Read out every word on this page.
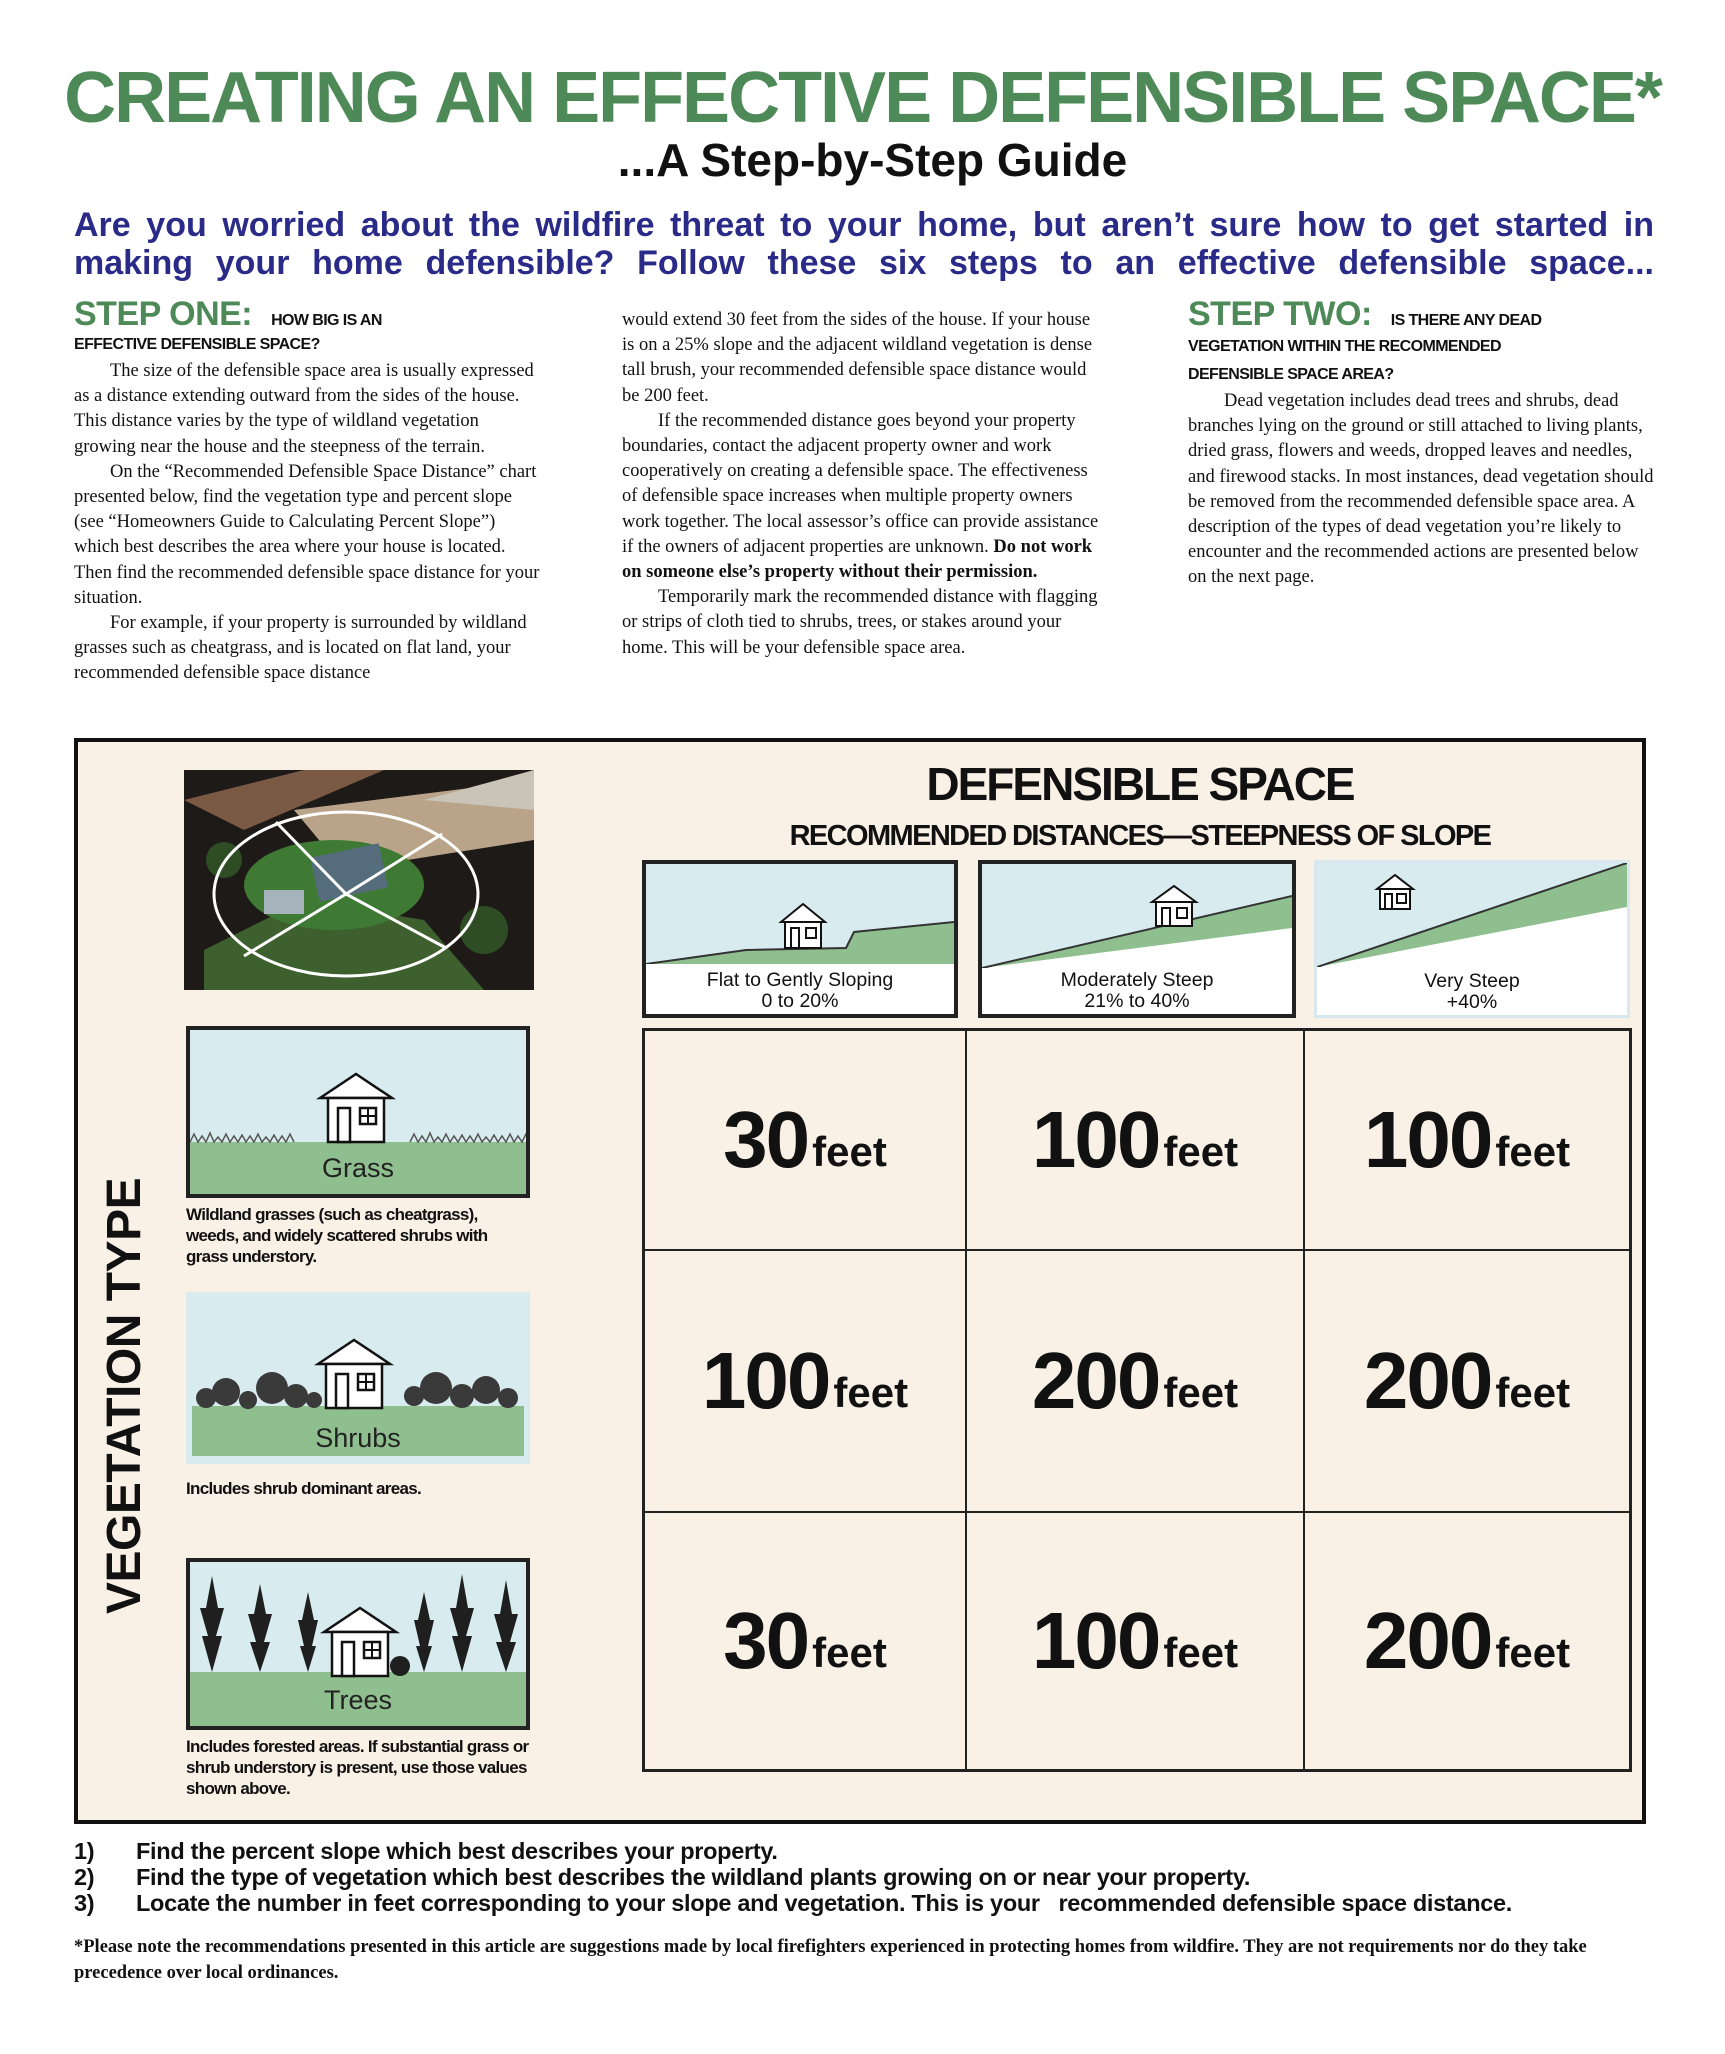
CREATING AN EFFECTIVE DEFENSIBLE SPACE*
...A Step-by-Step Guide
Are you worried about the wildfire threat to your home, but aren’t sure how to get started in making your home defensible? Follow these six steps to an effective defensible space...
STEP ONE: HOW BIG IS AN
EFFECTIVE DEFENSIBLE SPACE?

The size of the defensible space area is usually expressed as a distance extending outward from the sides of the house. This distance varies by the type of wildland vegetation growing near the house and the steepness of the terrain.

On the “Recommended Defensible Space Distance” chart presented below, find the vegetation type and percent slope (see “Homeowners Guide to Calculating Percent Slope”) which best describes the area where your house is located. Then find the recommended defensible space distance for your situation.

For example, if your property is surrounded by wildland grasses such as cheatgrass, and is located on flat land, your recommended defensible space distance

would extend 30 feet from the sides of the house. If your house is on a 25% slope and the adjacent wildland vegetation is dense tall brush, your recommended defensible space distance would be 200 feet.

If the recommended distance goes beyond your property boundaries, contact the adjacent property owner and work cooperatively on creating a defensible space. The effectiveness of defensible space increases when multiple property owners work together. The local assessor’s office can provide assistance if the owners of adjacent properties are unknown. Do not work on someone else’s property without their permission.

Temporarily mark the recommended distance with flagging or strips of cloth tied to shrubs, trees, or stakes around your home. This will be your defensible space area.

STEP TWO: IS THERE ANY DEAD
VEGETATION WITHIN THE RECOMMENDED
DEFENSIBLE SPACE AREA?

Dead vegetation includes dead trees and shrubs, dead branches lying on the ground or still attached to living plants, dried grass, flowers and weeds, dropped leaves and needles, and firewood stacks. In most instances, dead vegetation should be removed from the recommended defensible space area. A description of the types of dead vegetation you’re likely to encounter and the recommended actions are presented below on the next page.

VEGETATION TYPE
DEFENSIBLE SPACE
RECOMMENDED DISTANCES—STEEPNESS OF SLOPE
Flat to Gently Sloping
0 to 20%
Moderately Steep
21% to 40%
Very Steep
+40%
30 feet 100 feet 100 feet
100 feet 200 feet 200 feet
30 feet 100 feet 200 feet
Grass
Wildland grasses (such as cheatgrass), weeds, and widely scattered shrubs with grass understory.
Shrubs
Includes shrub dominant areas.
Trees
Includes forested areas. If substantial grass or shrub understory is present, use those values shown above.
1)	Find the percent slope which best describes your property.
2)	Find the type of vegetation which best describes the wildland plants growing on or near your property.
3)	Locate the number in feet corresponding to your slope and vegetation. This is your   recommended defensible space distance.
*Please note the recommendations presented in this article are suggestions made by local firefighters experienced in protecting homes from wildfire. They are not requirements nor do they take precedence over local ordinances.
